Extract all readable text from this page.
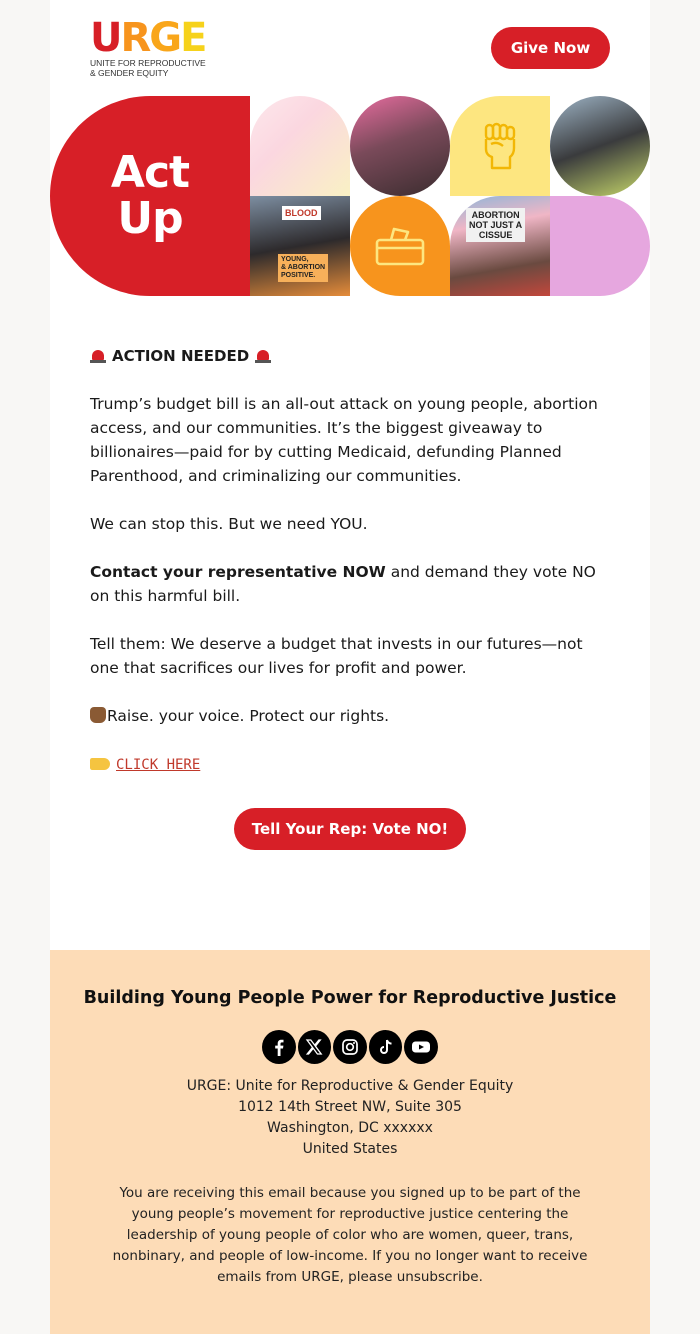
URGE
UNITE FOR REPRODUCTIVE
& GENDER EQUITY
Give Now
Act
Up	BLOOD
YOUNG,
& ABORTION
POSITIVE.
ABORTION
NOT JUST A
CISSUE

ACTION NEEDED

Trump’s budget bill is an all-out attack on young people, abortion access, and our communities. It’s the biggest giveaway to billionaires—paid for by cutting Medicaid, defunding Planned Parenthood, and criminalizing our communities.

We can stop this. But we need YOU.

Contact your representative NOW and demand they vote NO on this harmful bill.

Tell them: We deserve a budget that invests in our futures—not one that sacrifices our lives for profit and power.

Raise. your voice. Protect our rights.

CLICK HERE

Tell Your Rep: Vote NO!
Building Young People Power for Reproductive Justice
URGE: Unite for Reproductive & Gender Equity
1012 14th Street NW, Suite 305
Washington, DC xxxxxx
United States
You are receiving this email because you signed up to be part of the young people’s movement for reproductive justice centering the leadership of young people of color who are women, queer, trans, nonbinary, and people of low-income. If you no longer want to receive emails from URGE, please unsubscribe.
